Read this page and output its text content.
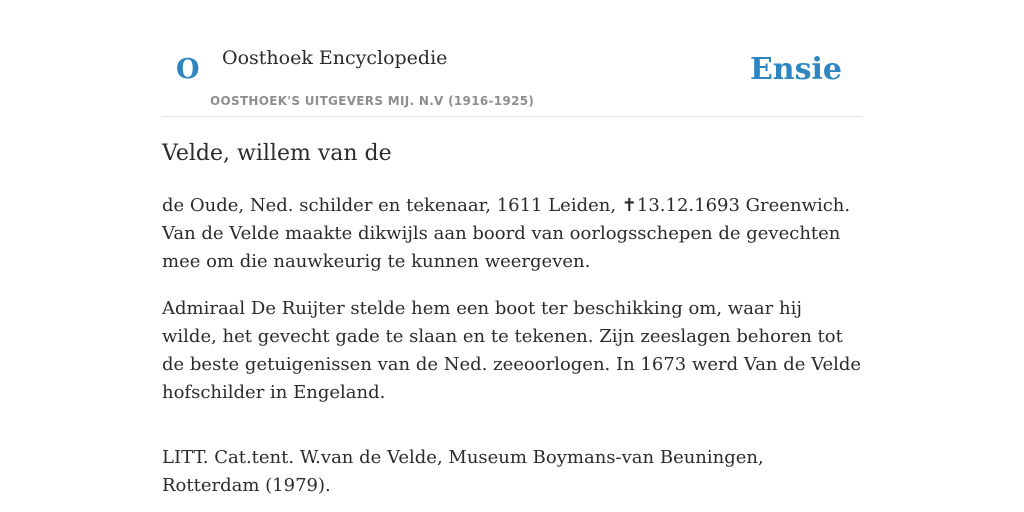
O Oosthoek Encyclopedie
OOSTHOEK'S UITGEVERS MIJ. N.V (1916-1925)
Ensie
Velde, willem van de

de Oude, Ned. schilder en tekenaar, 1611 Leiden, ✝13.12.1693 Greenwich. Van de Velde maakte dikwijls aan boord van oorlogsschepen de gevechten mee om die nauwkeurig te kunnen weergeven.

Admiraal De Ruijter stelde hem een boot ter beschikking om, waar hij wilde, het gevecht gade te slaan en te tekenen. Zijn zeeslagen behoren tot de beste getuigenissen van de Ned. zeeoorlogen. In 1673 werd Van de Velde hofschilder in Engeland.

LITT. Cat.tent. W.van de Velde, Museum Boymans-van Beuningen, Rotterdam (1979).
